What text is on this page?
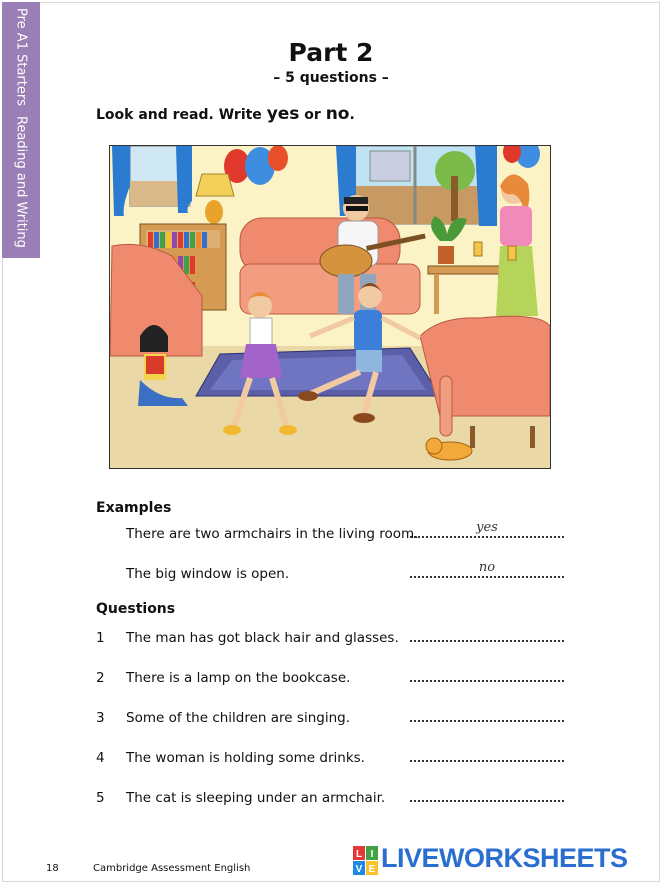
Pre A1 StartersReading and Writing
Part 2
– 5 questions –
Look and read. Write yes or no.
Examples
There are two armchairs in the living room.	yes
The big window is open.	no
Questions
1	The man has got black hair and glasses.
2	There is a lamp on the bookcase.
3	Some of the children are singing.
4	The woman is holding some drinks.
5	The cat is sleeping under an armchair.
18	Cambridge Assessment English
L I
V E LIVEWORKSHEETS
